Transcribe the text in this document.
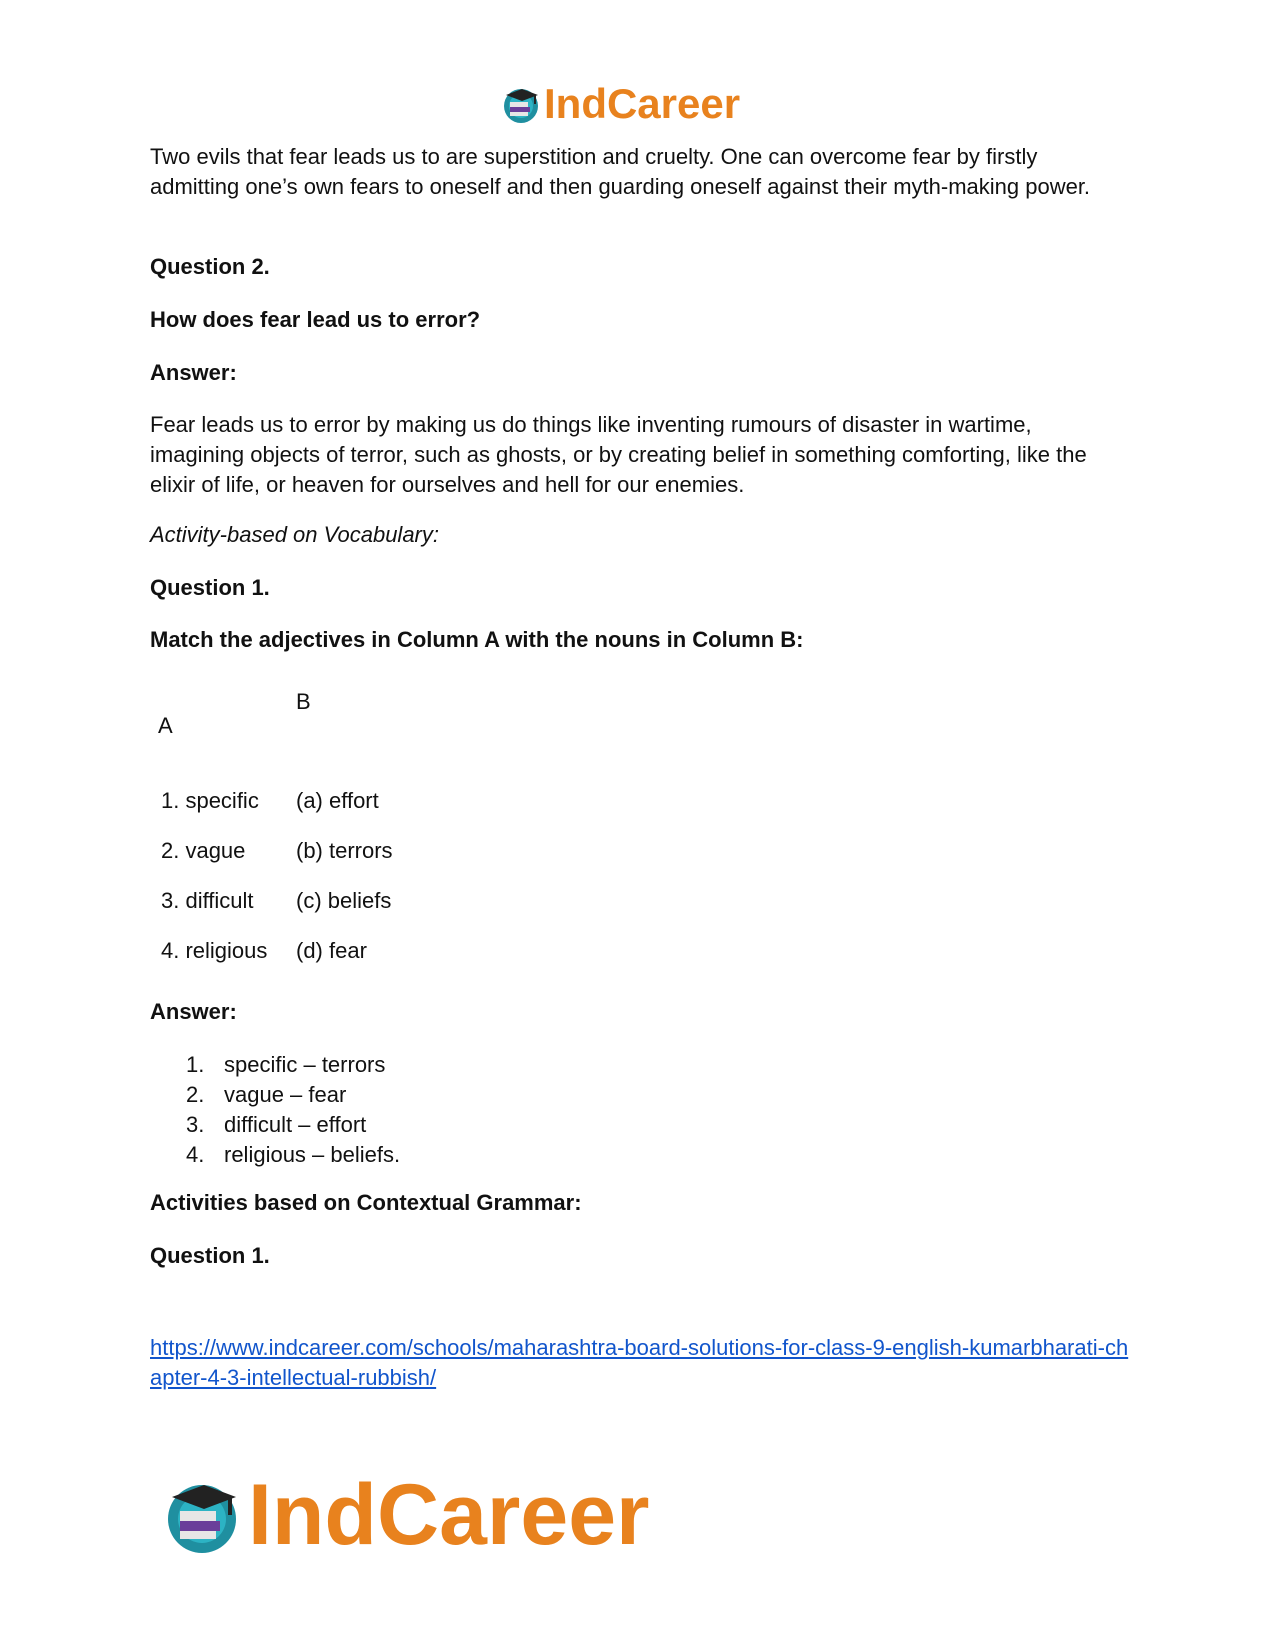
IndCareer
Two evils that fear leads us to are superstition and cruelty. One can overcome fear by firstly admitting one’s own fears to oneself and then guarding oneself against their myth-making power.
Question 2.
How does fear lead us to error?
Answer:
Fear leads us to error by making us do things like inventing rumours of disaster in wartime, imagining objects of terror, such as ghosts, or by creating belief in something comforting, like the elixir of life, or heaven for ourselves and hell for our enemies.
Activity-based on Vocabulary:
Question 1.
Match the adjectives in Column A with the nouns in Column B:
B
A
1. specific
2. vague
3. difficult
4. religious
(a) effort
(b) terrors
(c) beliefs
(d) fear
Answer:
1. specific – terrors
2. vague – fear
3. difficult – effort
4. religious – beliefs.
Activities based on Contextual Grammar:
Question 1.
https://www.indcareer.com/schools/maharashtra-board-solutions-for-class-9-english-kumarbharati-chapter-4-3-intellectual-rubbish/
IndCareer
